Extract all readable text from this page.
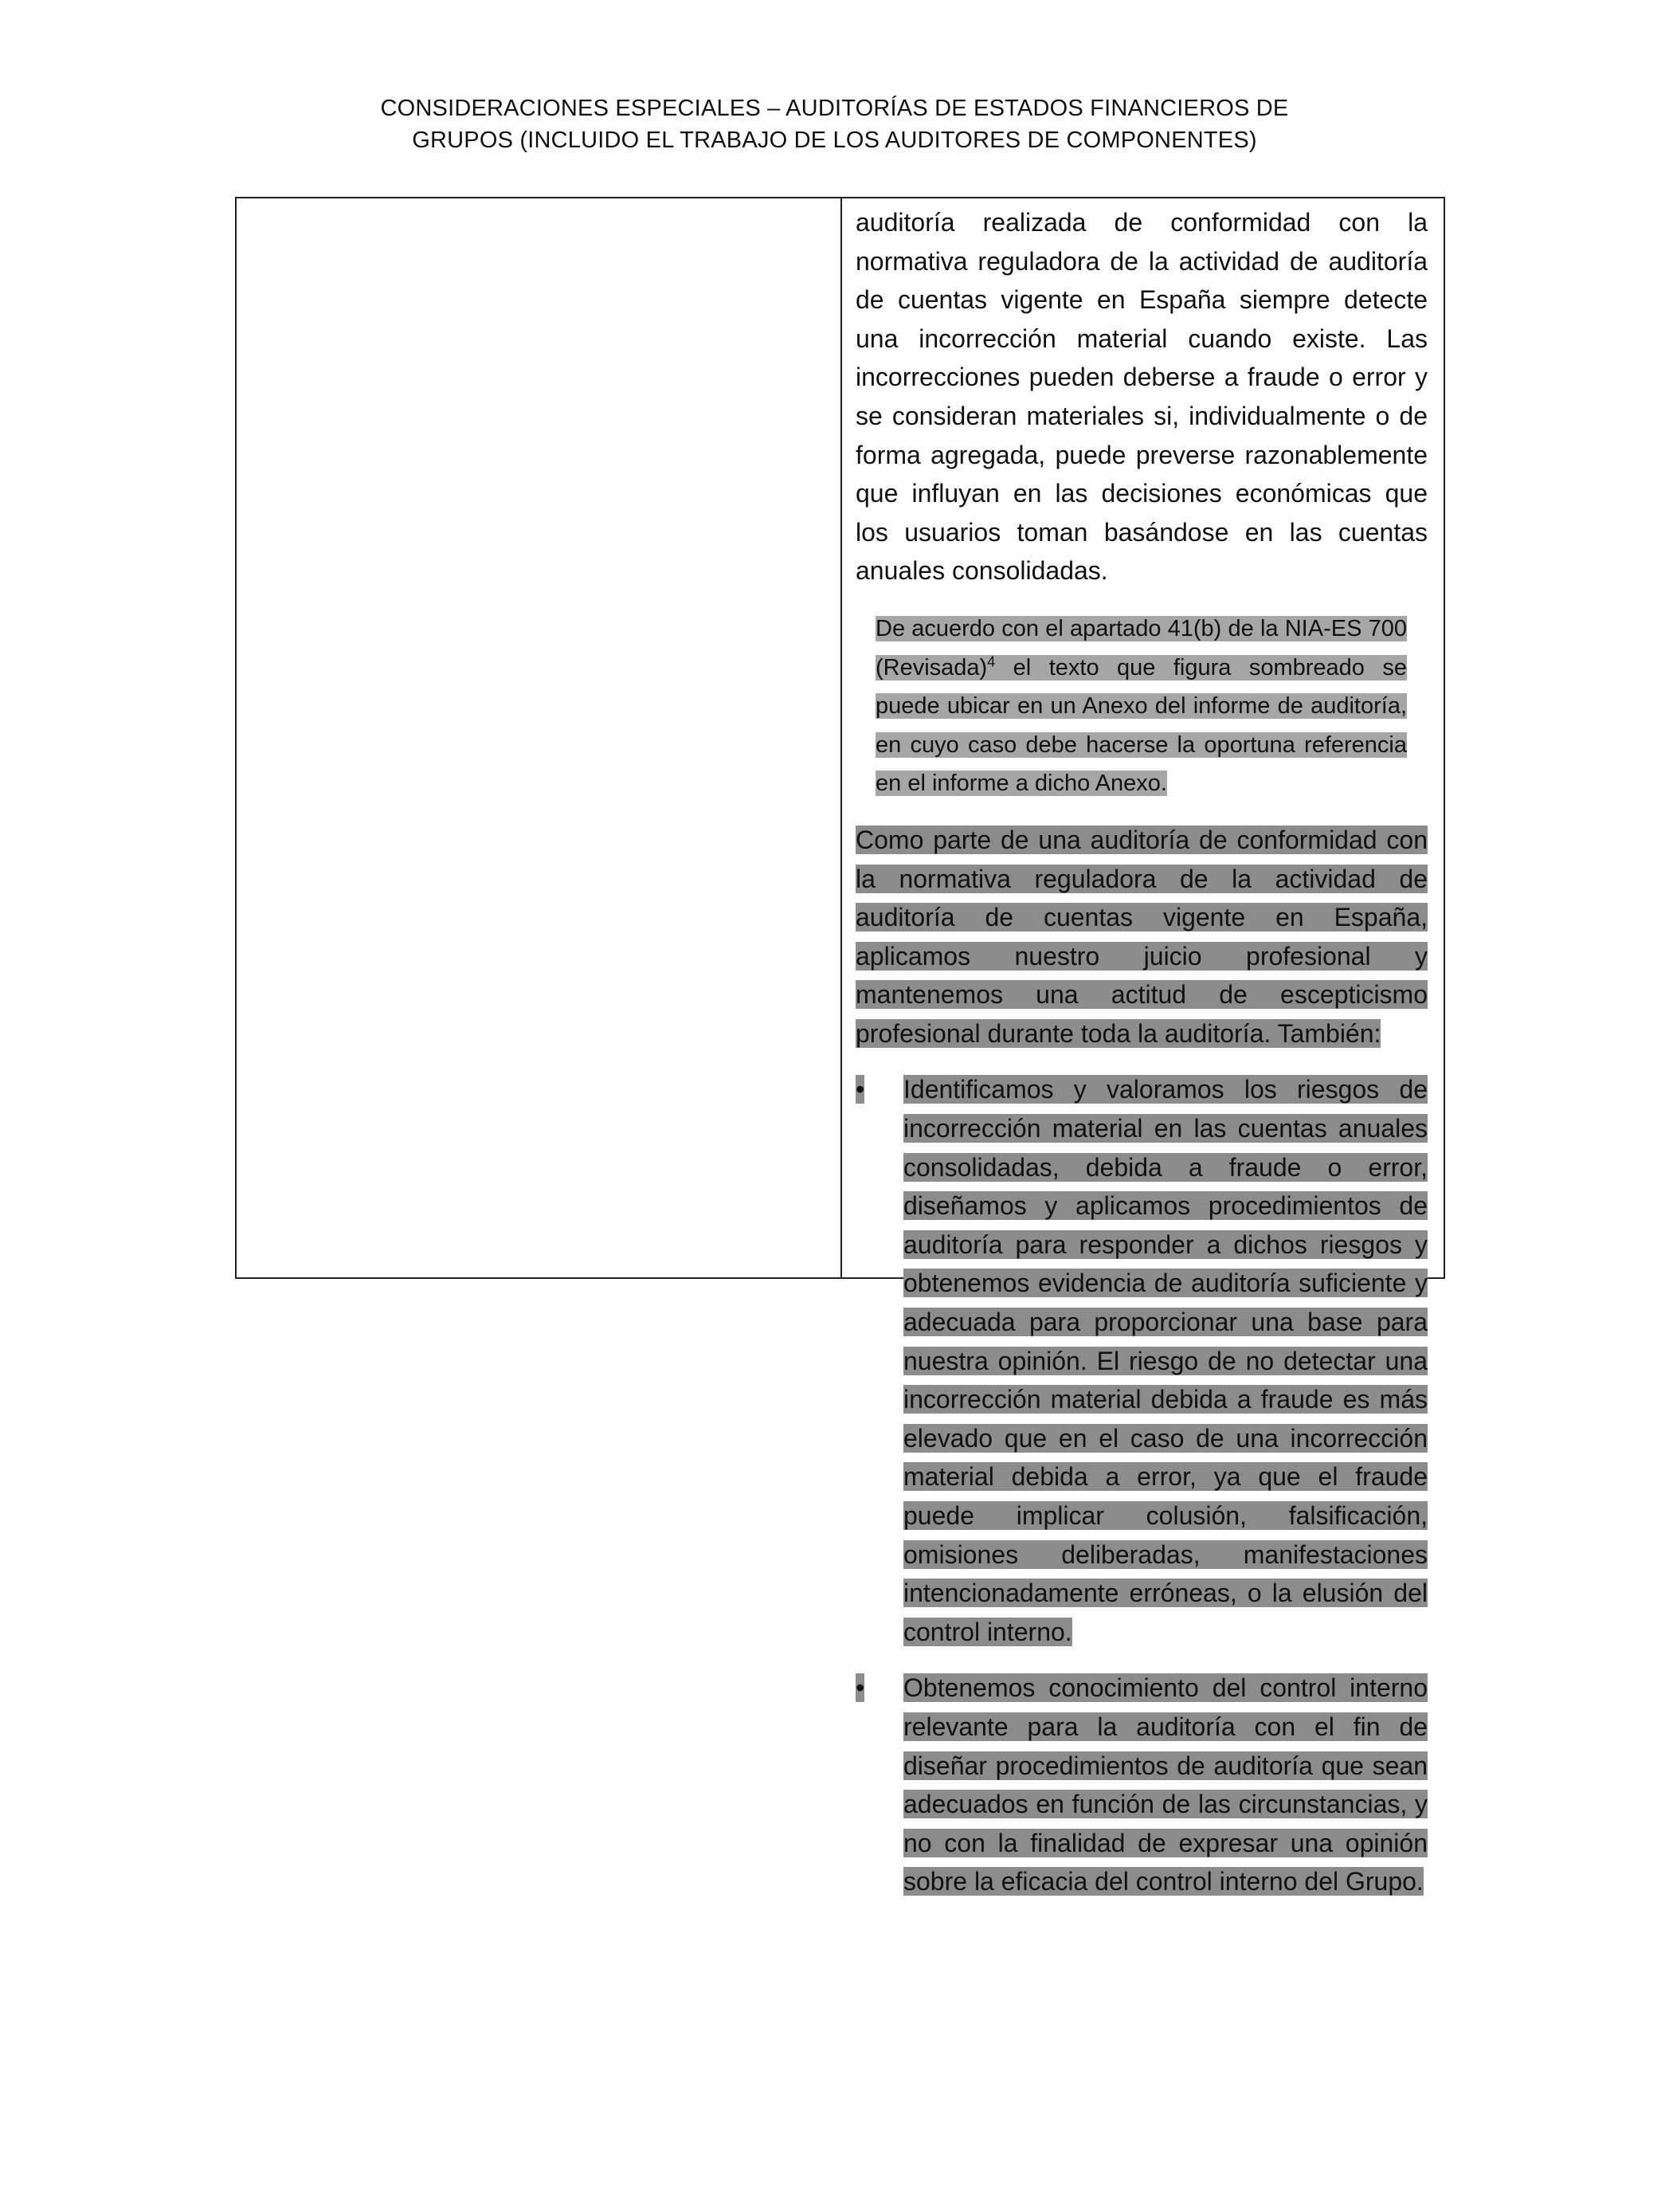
CONSIDERACIONES ESPECIALES – AUDITORÍAS DE ESTADOS FINANCIEROS DE
GRUPOS (INCLUIDO EL TRABAJO DE LOS AUDITORES DE COMPONENTES)

auditoría realizada de conformidad con la normativa reguladora de la actividad de auditoría de cuentas vigente en España siempre detecte una incorrección material cuando existe. Las incorrecciones pueden deberse a fraude o error y se consideran materiales si, individualmente o de forma agregada, puede preverse razonablemente que influyan en las decisiones económicas que los usuarios toman basándose en las cuentas anuales consolidadas.

De acuerdo con el apartado 41(b) de la NIA-ES 700 (Revisada)$^4$ el texto que figura sombreado se puede ubicar en un Anexo del informe de auditoría, en cuyo caso debe hacerse la oportuna referencia en el informe a dicho Anexo.

Como parte de una auditoría de conformidad con la normativa reguladora de la actividad de auditoría de cuentas vigente en España, aplicamos nuestro juicio profesional y mantenemos una actitud de escepticismo profesional durante toda la auditoría. También:

•	Identificamos y valoramos los riesgos de incorrección material en las cuentas anuales consolidadas, debida a fraude o error, diseñamos y aplicamos procedimientos de auditoría para responder a dichos riesgos y obtenemos evidencia de auditoría suficiente y adecuada para proporcionar una base para nuestra opinión. El riesgo de no detectar una incorrección material debida a fraude es más elevado que en el caso de una incorrección material debida a error, ya que el fraude puede implicar colusión, falsificación, omisiones deliberadas, manifestaciones intencionadamente erróneas, o la elusión del control interno.

•	Obtenemos conocimiento del control interno relevante para la auditoría con el fin de diseñar procedimientos de auditoría que sean adecuados en función de las circunstancias, y no con la finalidad de expresar una opinión sobre la eficacia del control interno del Grupo.
